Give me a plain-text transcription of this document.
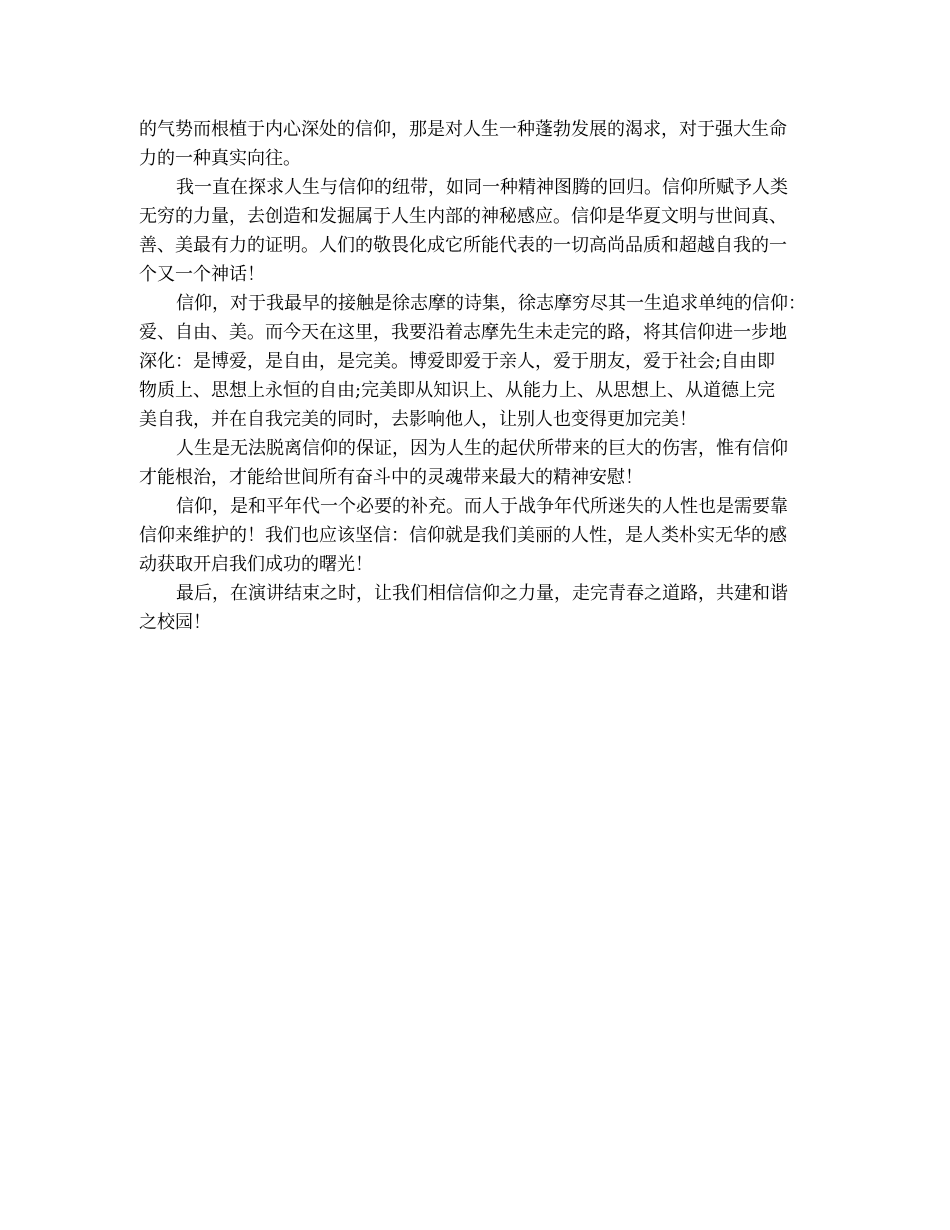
的气势而根植于内心深处的信仰，那是对人生一种蓬勃发展的渴求，对于强大生命
力的一种真实向往。

我一直在探求人生与信仰的纽带，如同一种精神图腾的回归。信仰所赋予人类
无穷的力量，去创造和发掘属于人生内部的神秘感应。信仰是华夏文明与世间真、
善、美最有力的证明。人们的敬畏化成它所能代表的一切高尚品质和超越自我的一
个又一个神话！

信仰，对于我最早的接触是徐志摩的诗集，徐志摩穷尽其一生追求单纯的信仰：
爱、自由、美。而今天在这里，我要沿着志摩先生未走完的路，将其信仰进一步地
深化：是博爱，是自由，是完美。博爱即爱于亲人，爱于朋友，爱于社会;自由即
物质上、思想上永恒的自由;完美即从知识上、从能力上、从思想上、从道德上完
美自我，并在自我完美的同时，去影响他人，让别人也变得更加完美！

人生是无法脱离信仰的保证，因为人生的起伏所带来的巨大的伤害，惟有信仰
才能根治，才能给世间所有奋斗中的灵魂带来最大的精神安慰！

信仰，是和平年代一个必要的补充。而人于战争年代所迷失的人性也是需要靠
信仰来维护的！我们也应该坚信：信仰就是我们美丽的人性，是人类朴实无华的感
动获取开启我们成功的曙光！

最后，在演讲结束之时，让我们相信信仰之力量，走完青春之道路，共建和谐
之校园！
